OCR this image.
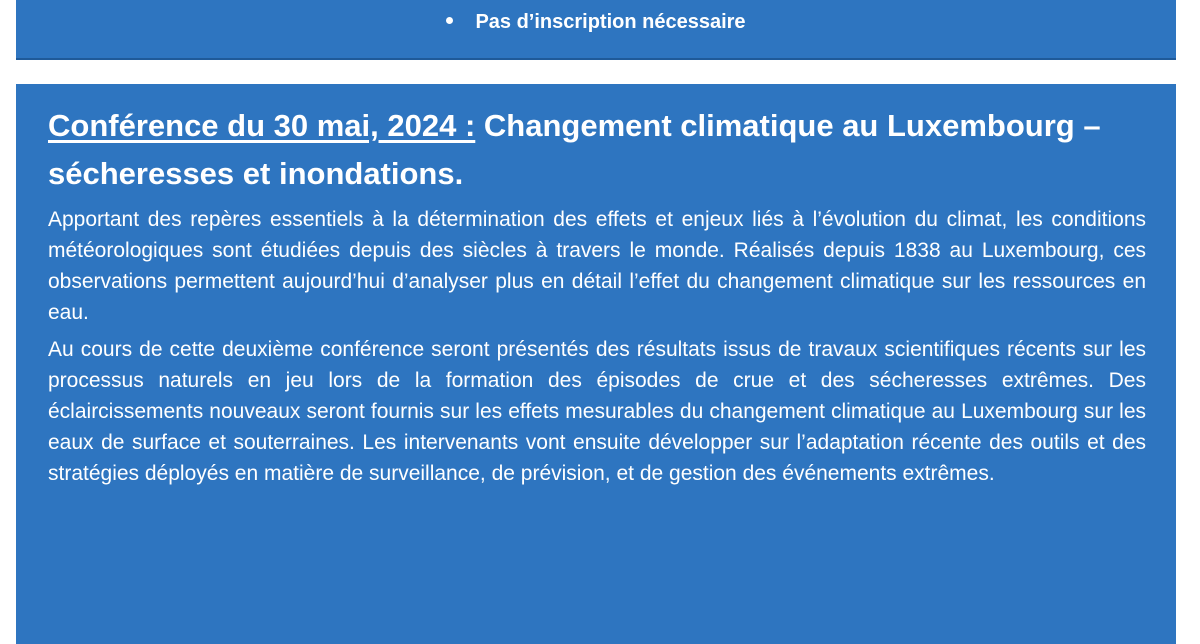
Pas d’inscription nécessaire
Conférence du 30 mai, 2024 : Changement climatique au Luxembourg – sécheresses et inondations.

Apportant des repères essentiels à la détermination des effets et enjeux liés à l’évolution du climat, les conditions météorologiques sont étudiées depuis des siècles à travers le monde. Réalisés depuis 1838 au Luxembourg, ces observations permettent aujourd’hui d’analyser plus en détail l’effet du changement climatique sur les ressources en eau.

Au cours de cette deuxième conférence seront présentés des résultats issus de travaux scientifiques récents sur les processus naturels en jeu lors de la formation des épisodes de crue et des sécheresses extrêmes. Des éclaircissements nouveaux seront fournis sur les effets mesurables du changement climatique au Luxembourg sur les eaux de surface et souterraines. Les intervenants vont ensuite développer sur l’adaptation récente des outils et des stratégies déployés en matière de surveillance, de prévision, et de gestion des événements extrêmes.
